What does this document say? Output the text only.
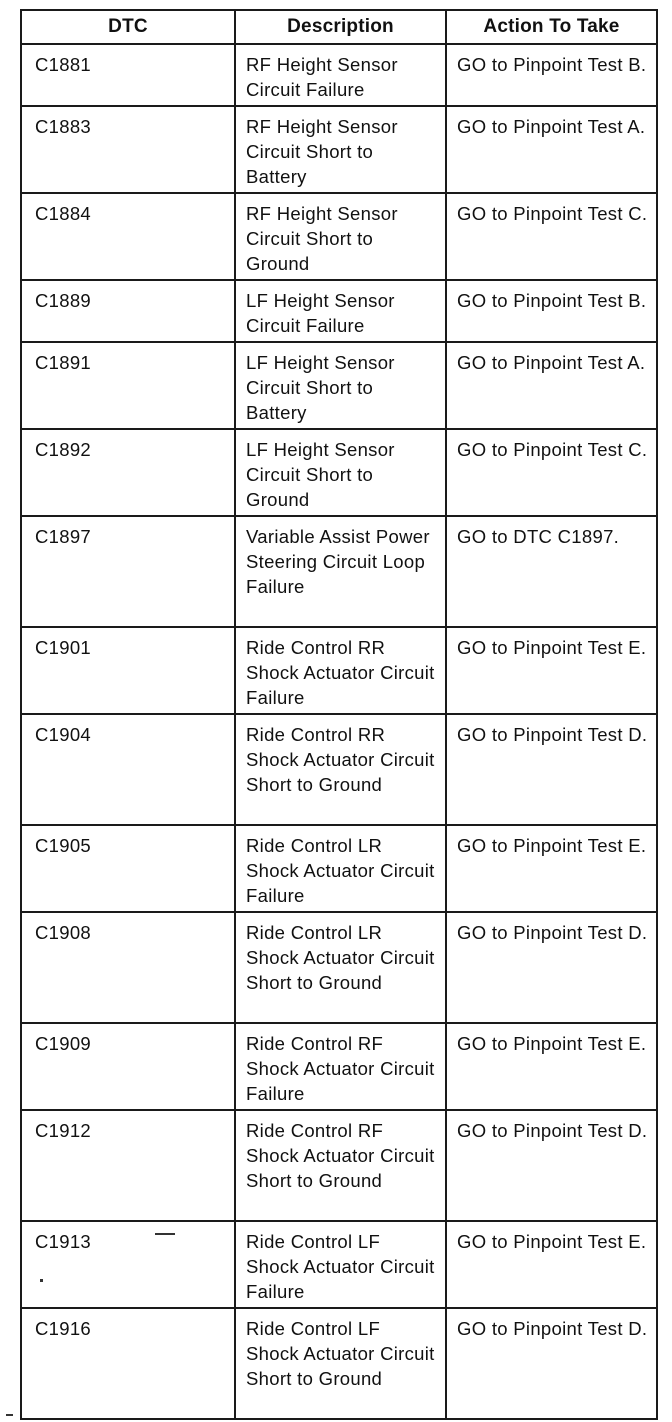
DTC	Description	Action To Take
C1881	RF Height Sensor Circuit Failure	GO to Pinpoint Test B.
C1883	RF Height Sensor Circuit Short to Battery	GO to Pinpoint Test A.
C1884	RF Height Sensor Circuit Short to Ground	GO to Pinpoint Test C.
C1889	LF Height Sensor Circuit Failure	GO to Pinpoint Test B.
C1891	LF Height Sensor Circuit Short to Battery	GO to Pinpoint Test A.
C1892	LF Height Sensor Circuit Short to Ground	GO to Pinpoint Test C.
C1897	Variable Assist Power Steering Circuit Loop Failure	GO to DTC C1897.
C1901	Ride Control RR Shock Actuator Circuit Failure	GO to Pinpoint Test E.
C1904	Ride Control RR Shock Actuator Circuit Short to Ground	GO to Pinpoint Test D.
C1905	Ride Control LR Shock Actuator Circuit Failure	GO to Pinpoint Test E.
C1908	Ride Control LR Shock Actuator Circuit Short to Ground	GO to Pinpoint Test D.
C1909	Ride Control RF Shock Actuator Circuit Failure	GO to Pinpoint Test E.
C1912	Ride Control RF Shock Actuator Circuit Short to Ground	GO to Pinpoint Test D.
C1913	Ride Control LF Shock Actuator Circuit Failure	GO to Pinpoint Test E.
C1916	Ride Control LF Shock Actuator Circuit Short to Ground	GO to Pinpoint Test D.
